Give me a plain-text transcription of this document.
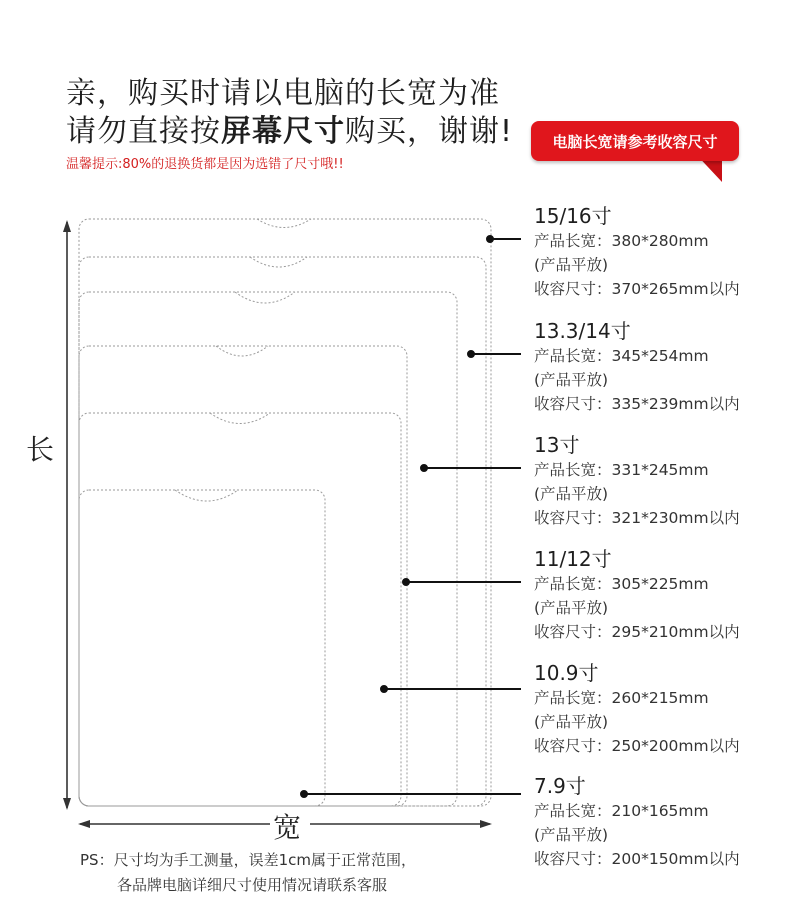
亲，购买时请以电脑的长宽为准
请勿直接按屏幕尺寸购买，谢谢!
温馨提示:80%的退换货都是因为选错了尺寸哦!!
电脑长宽请参考收容尺寸
长
宽
15/16寸
产品长宽：380*280mm
(产品平放)
收容尺寸：370*265mm以内
13.3/14寸
产品长宽：345*254mm
(产品平放)
收容尺寸：335*239mm以内
13寸
产品长宽：331*245mm
(产品平放)
收容尺寸：321*230mm以内
11/12寸
产品长宽：305*225mm
(产品平放)
收容尺寸：295*210mm以内
10.9寸
产品长宽：260*215mm
(产品平放)
收容尺寸：250*200mm以内
7.9寸
产品长宽：210*165mm
(产品平放)
收容尺寸：200*150mm以内
PS：尺寸均为手工测量，误差1cm属于正常范围，
各品牌电脑详细尺寸使用情况请联系客服
